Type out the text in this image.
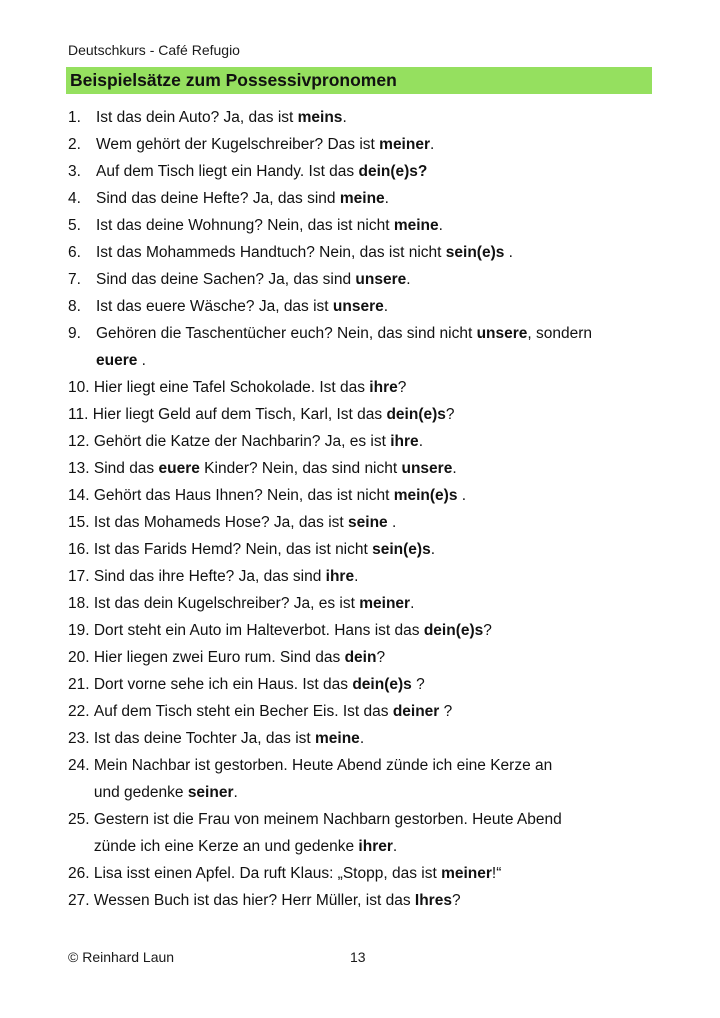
Deutschkurs - Café Refugio
Beispielsätze zum Possessivpronomen
1. Ist das dein Auto? Ja, das ist meins.
2. Wem gehört der Kugelschreiber? Das ist meiner.
3. Auf dem Tisch liegt ein Handy. Ist das dein(e)s?
4. Sind das deine Hefte? Ja, das sind meine.
5. Ist das deine Wohnung? Nein, das ist nicht meine.
6. Ist das Mohammeds Handtuch? Nein, das ist nicht sein(e)s .
7. Sind das deine Sachen? Ja, das sind unsere.
8. Ist das euere Wäsche? Ja, das ist unsere.
9. Gehören die Taschentücher euch? Nein, das sind nicht unsere, sondern
euere .
10. Hier liegt eine Tafel Schokolade. Ist das ihre?
11. Hier liegt Geld auf dem Tisch, Karl, Ist das dein(e)s?
12. Gehört die Katze der Nachbarin? Ja, es ist ihre.
13. Sind das euere Kinder? Nein, das sind nicht unsere.
14. Gehört das Haus Ihnen? Nein, das ist nicht mein(e)s .
15. Ist das Mohameds Hose? Ja, das ist seine .
16. Ist das Farids Hemd? Nein, das ist nicht sein(e)s.
17. Sind das ihre Hefte? Ja, das sind ihre.
18. Ist das dein Kugelschreiber? Ja, es ist meiner.
19. Dort steht ein Auto im Halteverbot. Hans ist das dein(e)s?
20. Hier liegen zwei Euro rum. Sind das dein?
21. Dort vorne sehe ich ein Haus. Ist das dein(e)s ?
22. Auf dem Tisch steht ein Becher Eis. Ist das deiner ?
23. Ist das deine Tochter Ja, das ist meine.
24. Mein Nachbar ist gestorben. Heute Abend zünde ich eine Kerze an
und gedenke seiner.
25. Gestern ist die Frau von meinem Nachbarn gestorben. Heute Abend
zünde ich eine Kerze an und gedenke ihrer.
26. Lisa isst einen Apfel. Da ruft Klaus: „Stopp, das ist meiner!“
27. Wessen Buch ist das hier? Herr Müller, ist das Ihres?
© Reinhard Laun	13
